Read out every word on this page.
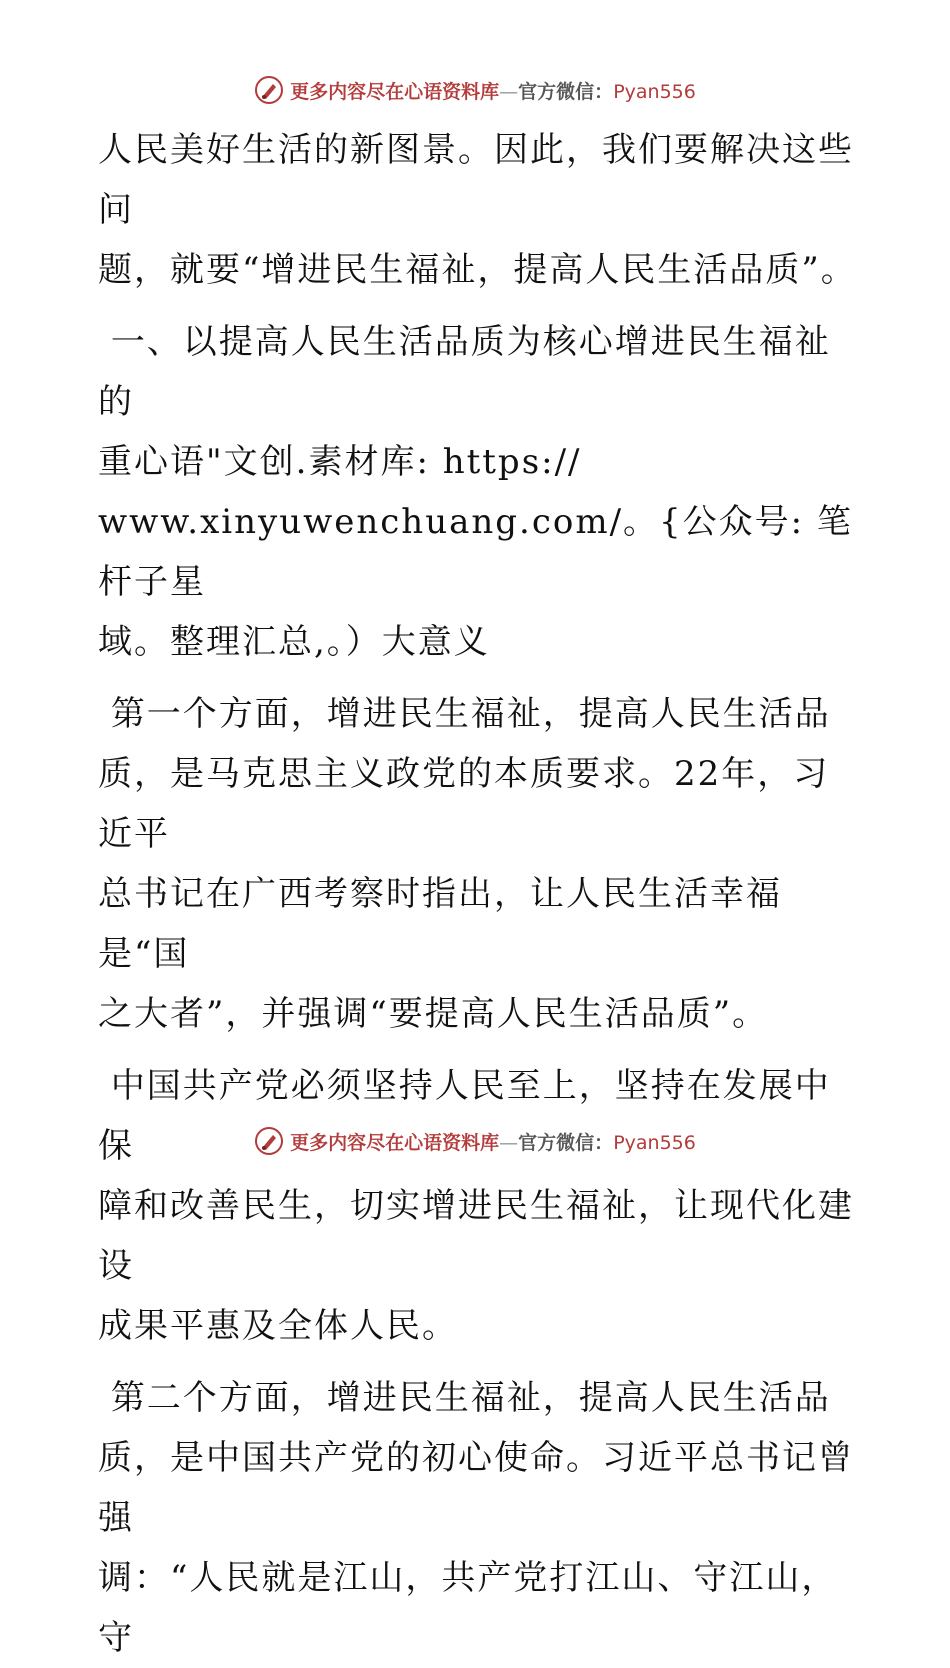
更多内容尽在心语资料库—官方微信：Pyan556

人民美好生活的新图景。因此，我们要解决这些问
题，就要“增进民生福祉，提高人民生活品质”。

一、以提高人民生活品质为核心增进民生福祉的
重心语"文创.素材库: https://
www.xinyuwenchuang.com/。{公众号: 笔杆子星
域。整理汇总,。）大意义

第一个方面，增进民生福祉，提高人民生活品
质，是马克思主义政党的本质要求。22年，习近平
总书记在广西考察时指出，让人民生活幸福是“国
之大者”，并强调“要提高人民生活品质”。

中国共产党必须坚持人民至上，坚持在发展中保
障和改善民生，切实增进民生福祉，让现代化建设
成果平惠及全体人民。

第二个方面，增进民生福祉，提高人民生活品
质，是中国共产党的初心使命。习近平总书记曾强
调：“人民就是江山，共产党打江山、守江山，守

更多内容尽在心语资料库—官方微信：Pyan556
